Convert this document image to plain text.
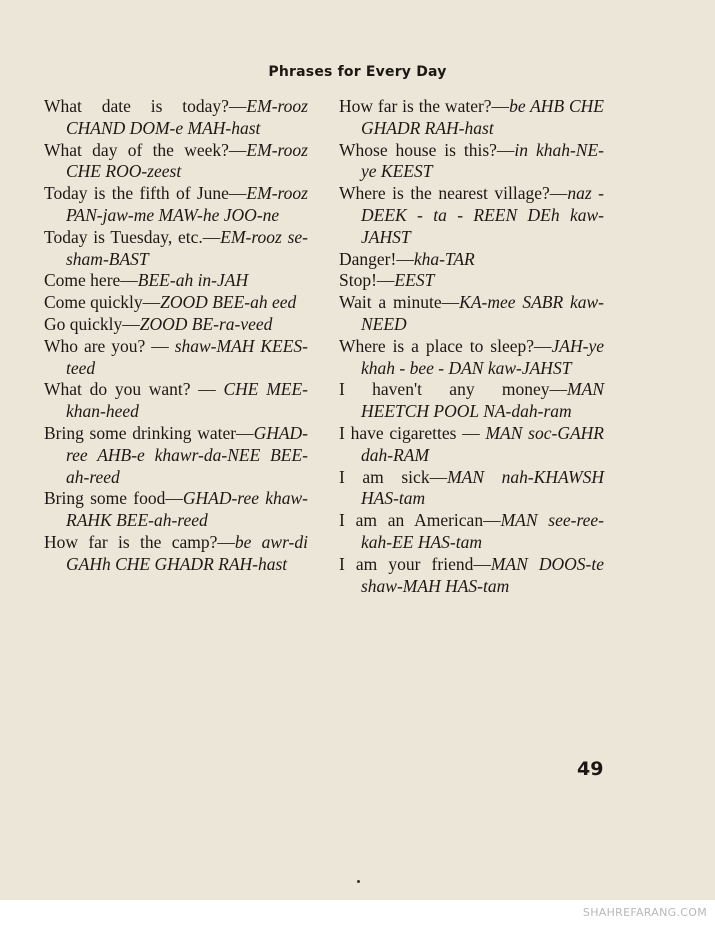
Phrases for Every Day

What date is today?—EM-rooz CHAND DOM-e MAH-hast

What day of the week?—EM-rooz CHE ROO-zeest

Today is the fifth of June—EM-rooz PAN-jaw-me MAW-he JOO-ne

Today is Tuesday, etc.—EM-rooz se-sham-BAST

Come here—BEE-ah in-JAH

Come quickly—ZOOD BEE-ah eed

Go quickly—ZOOD BE-ra-veed

Who are you? — shaw-MAH KEES-teed

What do you want? — CHE MEE-khan-heed

Bring some drinking water—GHAD-ree AHB-e khawr-da-NEE BEE-ah-reed

Bring some food—GHAD-ree khaw-RAHK BEE-ah-reed

How far is the camp?—be awr-di GAHh CHE GHADR RAH-hast

How far is the water?—be AHB CHE GHADR RAH-hast

Whose house is this?—in khah-NE-ye KEEST

Where is the nearest village?—naz - DEEK - ta - REEN DEh kaw-JAHST

Danger!—kha-TAR

Stop!—EEST

Wait a minute—KA-mee SABR kaw-NEED

Where is a place to sleep?—JAH-ye khah - bee - DAN kaw-JAHST

I haven't any money—MAN HEETCH POOL NA-dah-ram

I have cigarettes — MAN soc-GAHR dah-RAM

I am sick—MAN nah-KHAWSH HAS-tam

I am an American—MAN see-ree-kah-EE HAS-tam

I am your friend—MAN DOOS-te shaw-MAH HAS-tam

49
SHAHREFARANG.COM
